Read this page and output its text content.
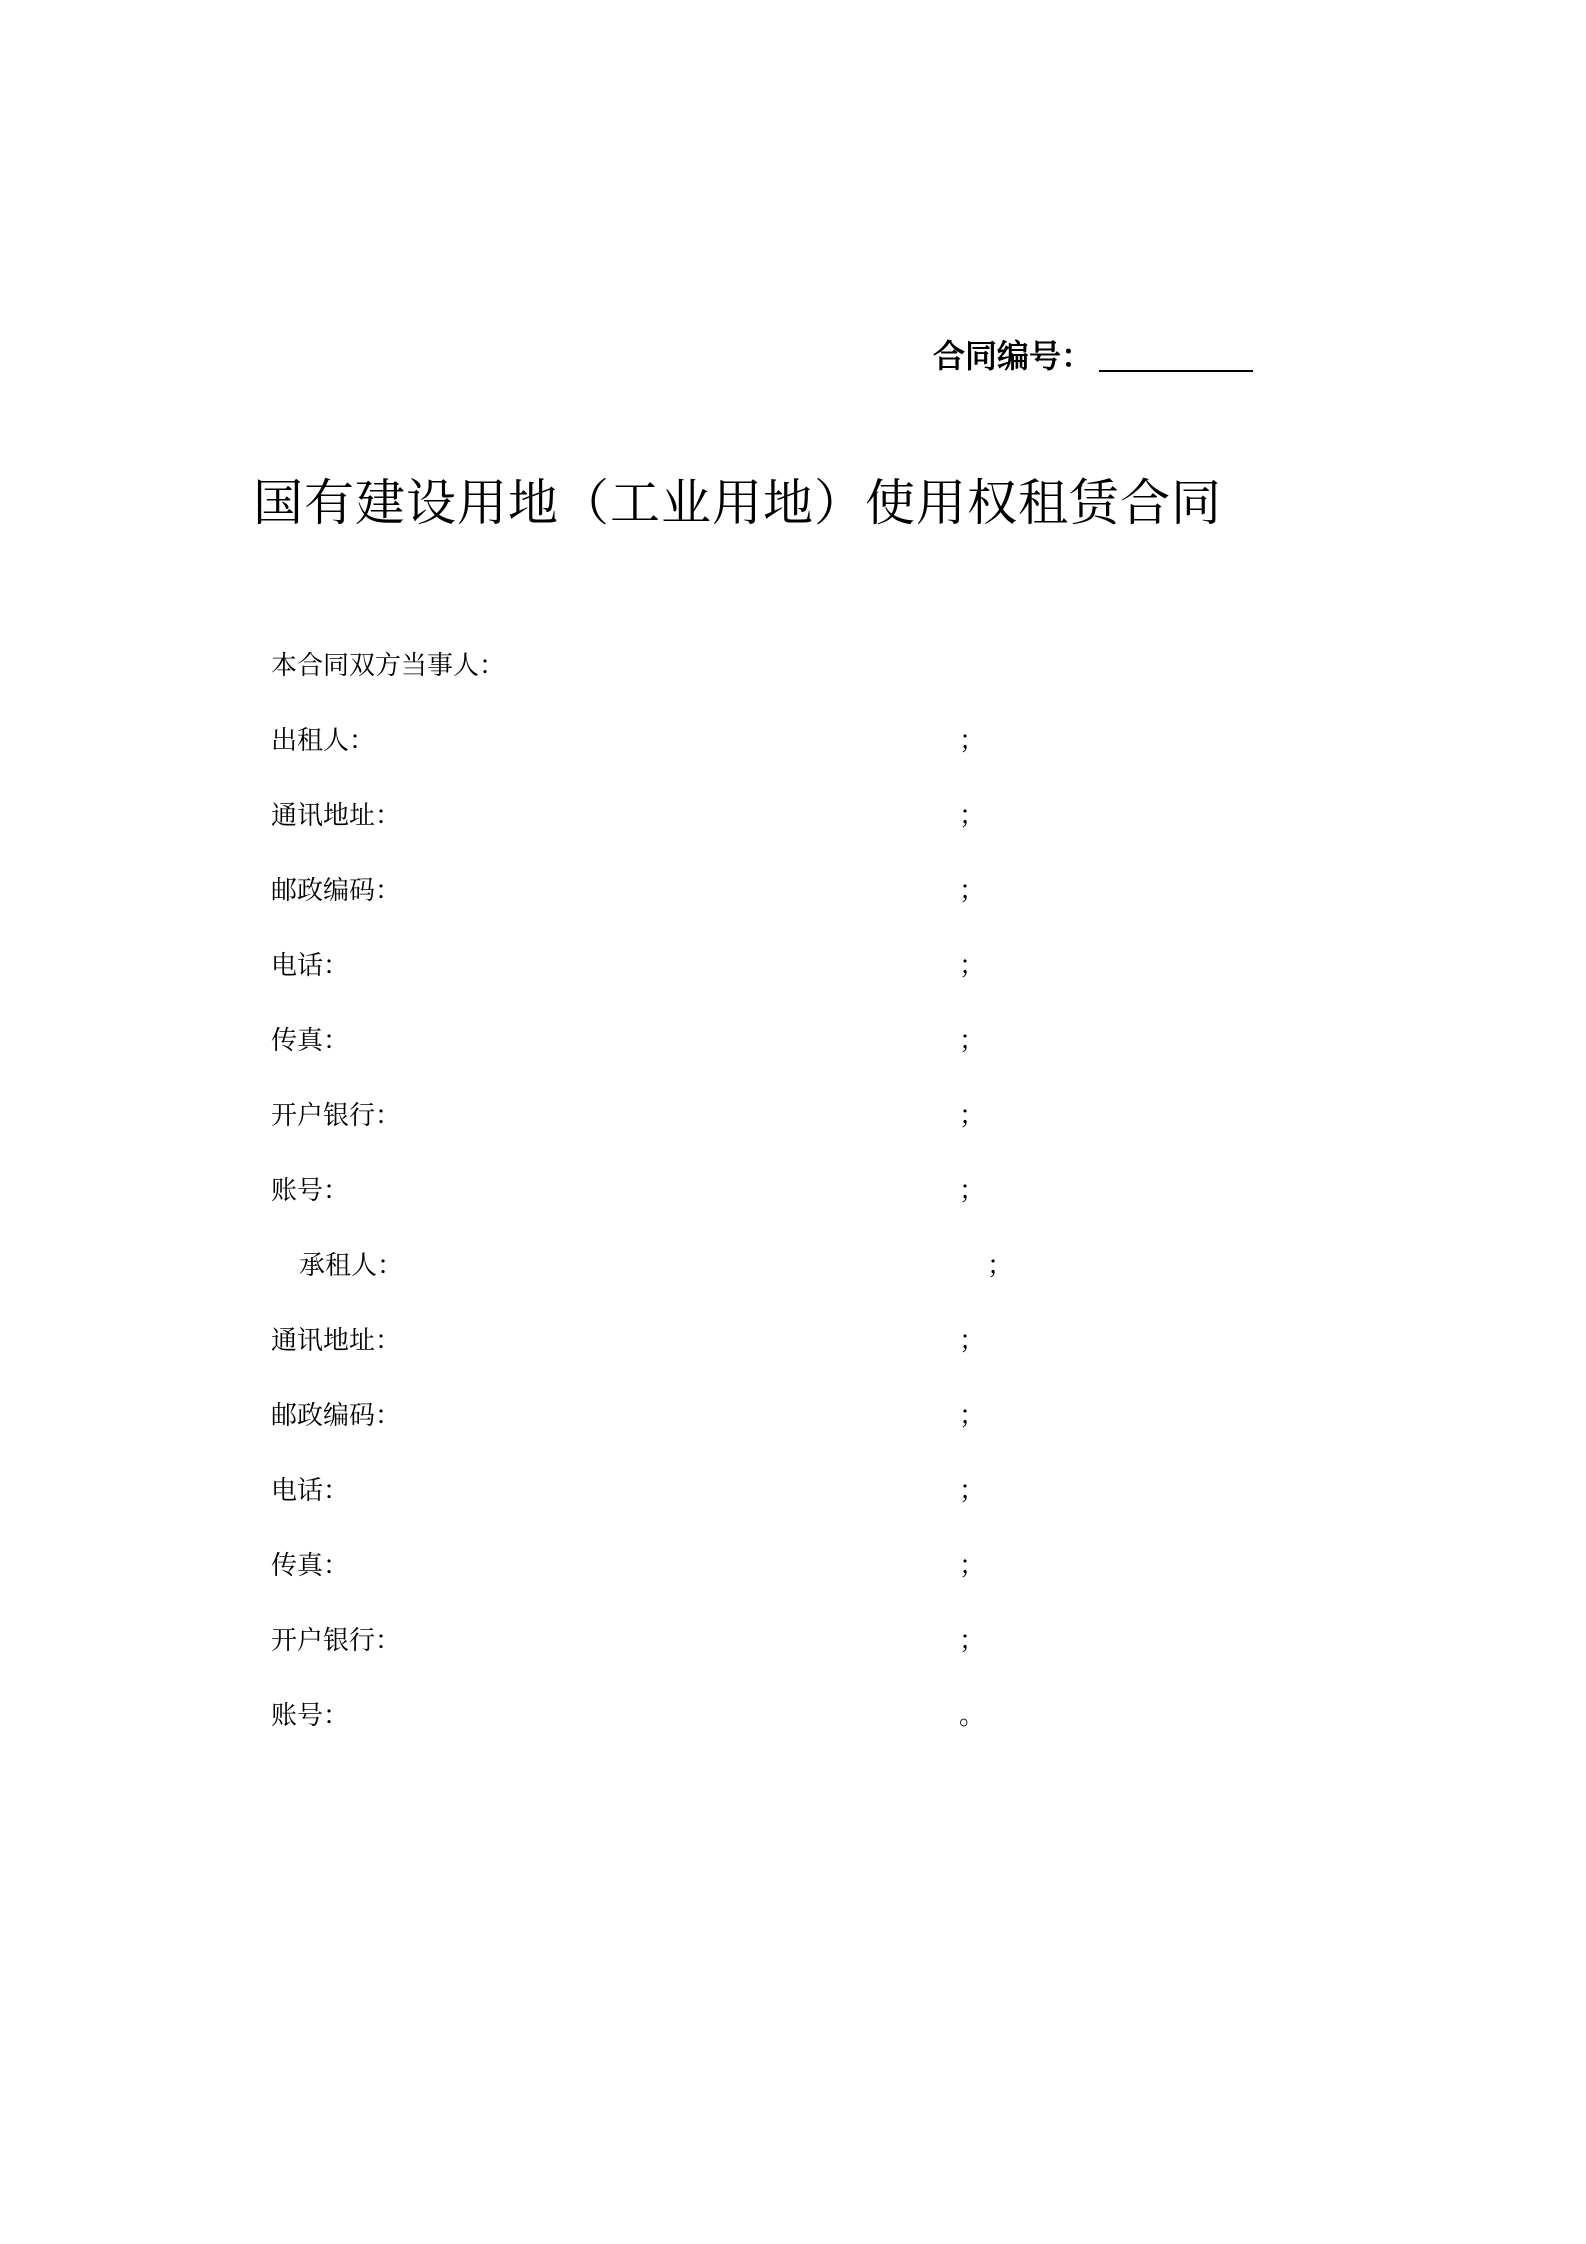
合同编号：
国有建设用地（工业用地）使用权租赁合同
本合同双方当事人：
出租人：	；
通讯地址：	；
邮政编码：	；
电话：	；
传真：	；
开户银行：	；
账号：	；
承租人：	；
通讯地址：	；
邮政编码：	；
电话：	；
传真：	；
开户银行：	；
账号：	。
